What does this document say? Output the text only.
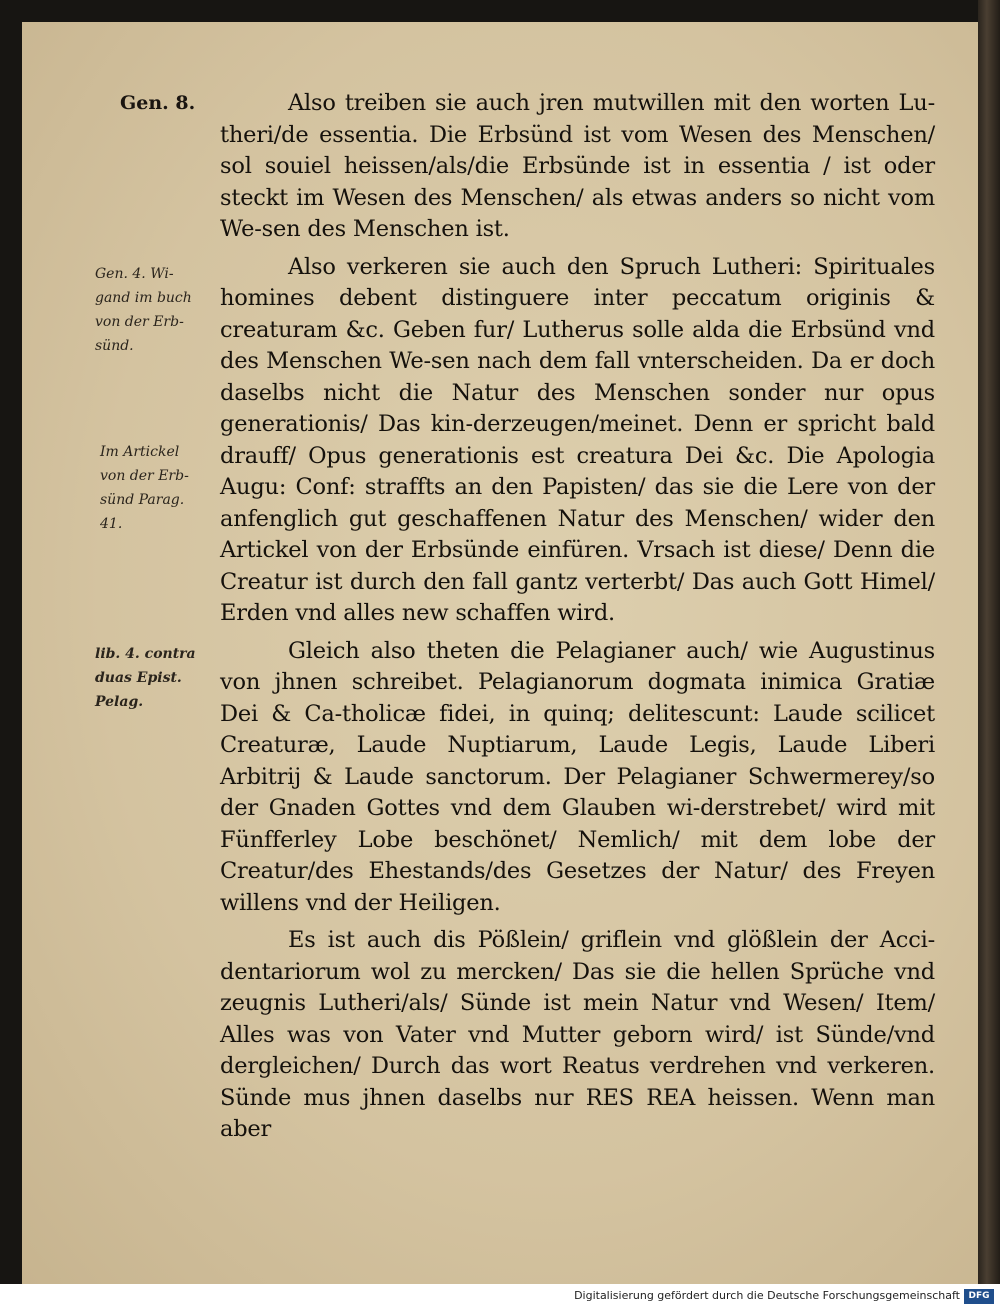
Gen. 8.
Gen. 4. Wi-
gand im buch
von der Erb-
sünd.
Im Artickel
von der Erb-
sünd Parag.
41.
lib. 4. contra
duas Epist.
Pelag.

Also treiben sie auch jren mutwillen mit den worten Lu-theri/de essentia. Die Erbsünd ist vom Wesen des Menschen/ sol souiel heissen/als/die Erbsünde ist in essentia / ist oder steckt im Wesen des Menschen/ als etwas anders so nicht vom We-sen des Menschen ist.

Also verkeren sie auch den Spruch Lutheri: Spirituales homines debent distinguere inter peccatum originis & creaturam &c. Geben fur/ Lutherus solle alda die Erbsünd vnd des Menschen We-sen nach dem fall vnterscheiden. Da er doch daselbs nicht die Natur des Menschen sonder nur opus generationis/ Das kin-derzeugen/meinet. Denn er spricht bald drauff/ Opus generationis est creatura Dei &c. Die Apologia Augu: Conf: straffts an den Papisten/ das sie die Lere von der anfenglich gut geschaffenen Natur des Menschen/ wider den Artickel von der Erbsünde einfüren. Vrsach ist diese/ Denn die Creatur ist durch den fall gantz verterbt/ Das auch Gott Himel/ Erden vnd alles new schaffen wird.

Gleich also theten die Pelagianer auch/ wie Augustinus von jhnen schreibet. Pelagianorum dogmata inimica Gratiæ Dei & Ca-tholicæ fidei, in quinq; delitescunt: Laude scilicet Creaturæ, Laude Nuptiarum, Laude Legis, Laude Liberi Arbitrij & Laude sanctorum. Der Pelagianer Schwermerey/so der Gnaden Gottes vnd dem Glauben wi-derstrebet/ wird mit Fünfferley Lobe beschönet/ Nemlich/ mit dem lobe der Creatur/des Ehestands/des Gesetzes der Natur/ des Freyen willens vnd der Heiligen.

Es ist auch dis Pößlein/ griflein vnd glößlein der Acci-dentariorum wol zu mercken/ Das sie die hellen Sprüche vnd zeugnis Lutheri/als/ Sünde ist mein Natur vnd Wesen/ Item/ Alles was von Vater vnd Mutter geborn wird/ ist Sünde/vnd dergleichen/ Durch das wort Reatus verdrehen vnd verkeren. Sünde mus jhnen daselbs nur RES REA heissen. Wenn man aber

Digitalisierung gefördert durch die Deutsche Forschungsgemeinschaft DFG
